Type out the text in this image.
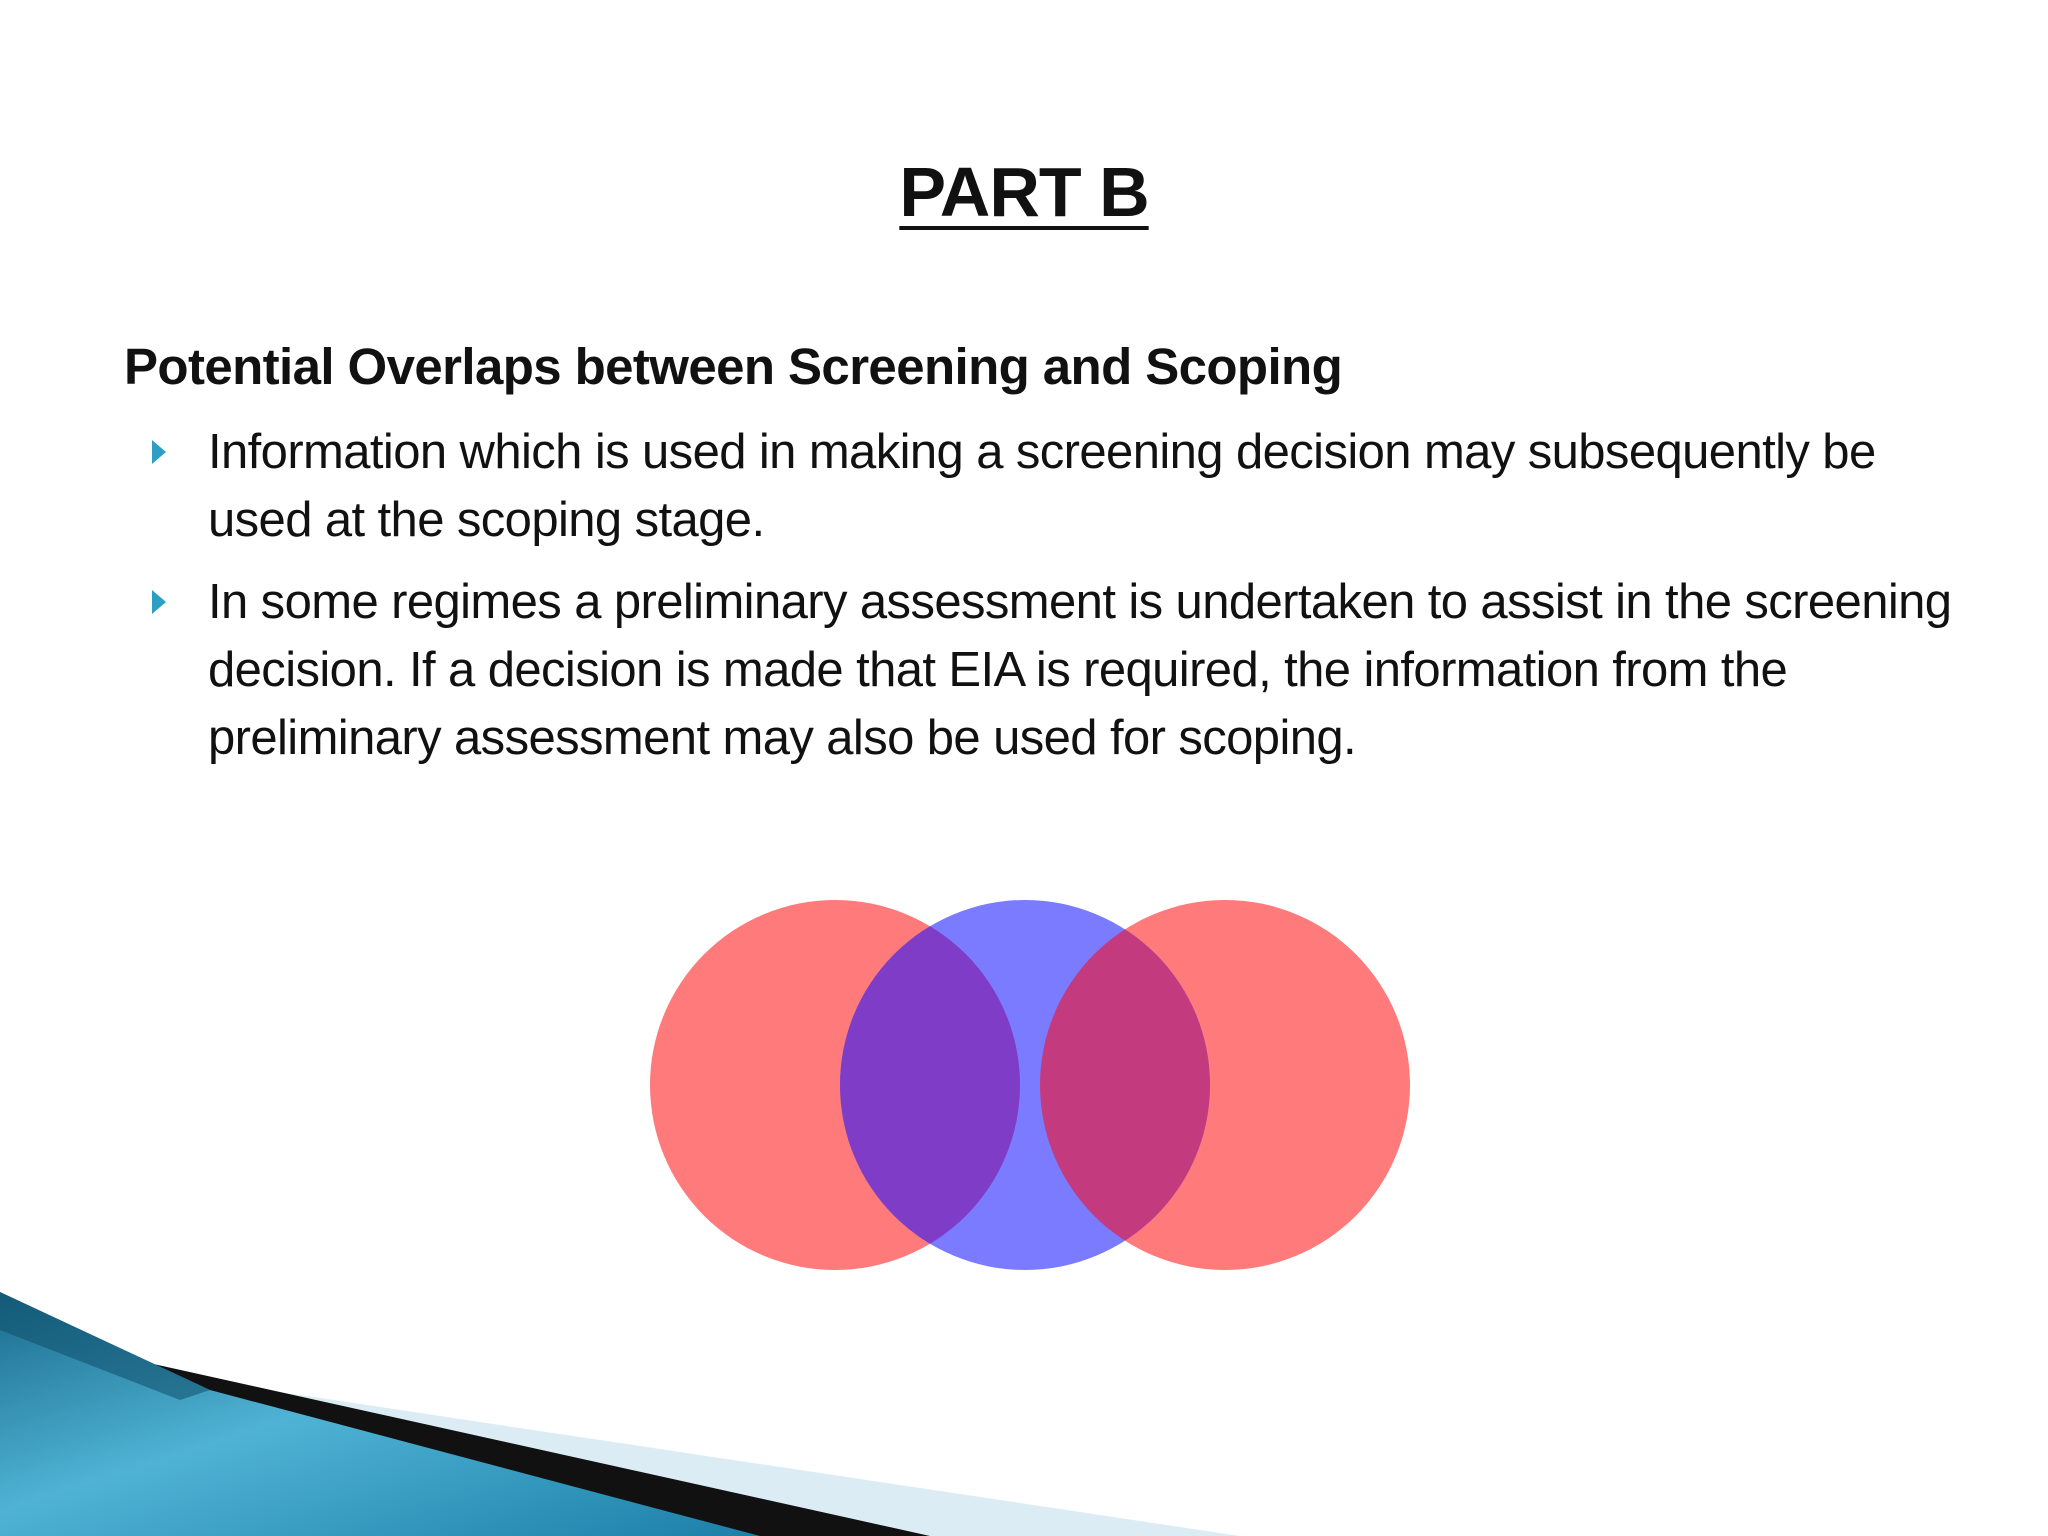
PART B
Potential Overlaps between Screening and Scoping
Information which is used in making a screening decision may subsequently be used at the scoping stage.
In some regimes a preliminary assessment is undertaken to assist in the screening decision. If a decision is made that EIA is required, the information from the preliminary assessment may also be used for scoping.
